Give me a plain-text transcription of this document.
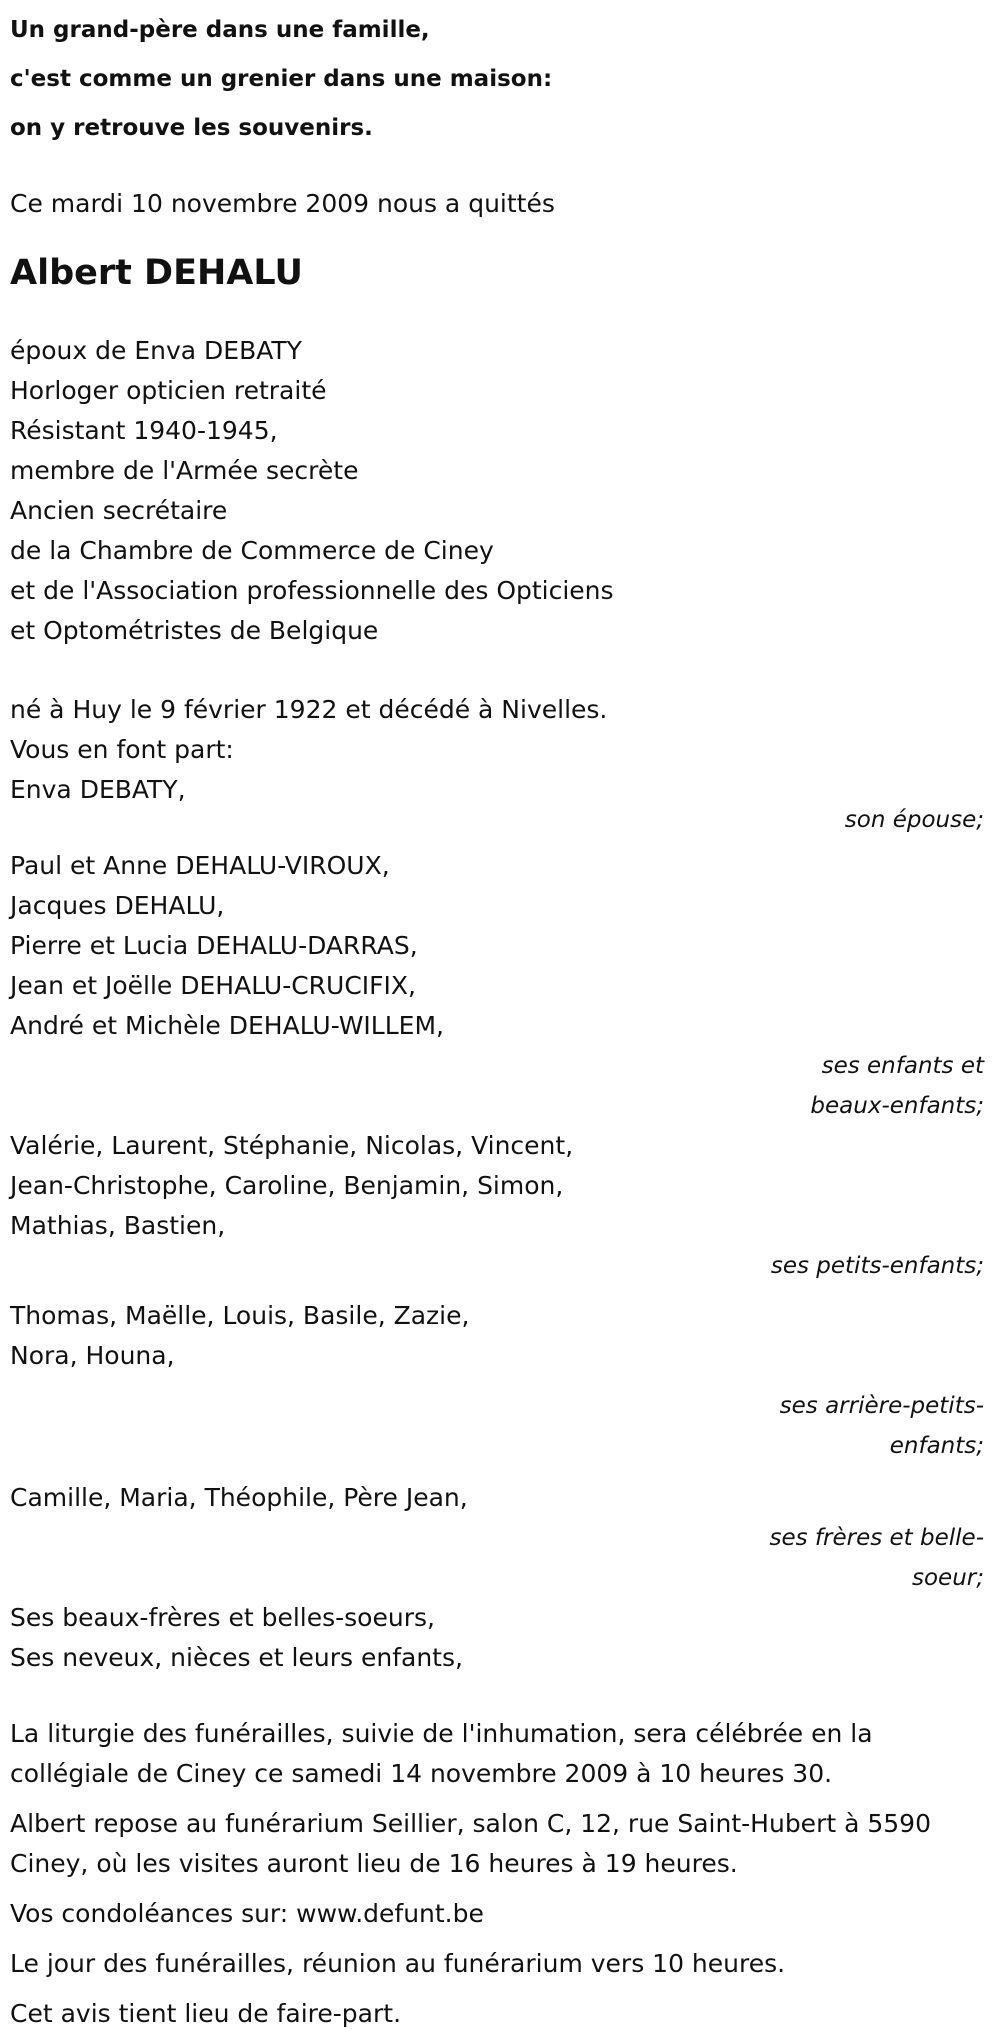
Un grand-père dans une famille,
c'est comme un grenier dans une maison:
on y retrouve les souvenirs.
Ce mardi 10 novembre 2009 nous a quittés
Albert DEHALU
époux de Enva DEBATY
Horloger opticien retraité
Résistant 1940-1945,
membre de l'Armée secrète
Ancien secrétaire
de la Chambre de Commerce de Ciney
et de l'Association professionnelle des Opticiens
et Optométristes de Belgique
né à Huy le 9 février 1922 et décédé à Nivelles.
Vous en font part:
Enva DEBATY,
son épouse;
Paul et Anne DEHALU-VIROUX,
Jacques DEHALU,
Pierre et Lucia DEHALU-DARRAS,
Jean et Joëlle DEHALU-CRUCIFIX,
André et Michèle DEHALU-WILLEM,
ses enfants et
beaux-enfants;
Valérie, Laurent, Stéphanie, Nicolas, Vincent,
Jean-Christophe, Caroline, Benjamin, Simon,
Mathias, Bastien,
ses petits-enfants;
Thomas, Maëlle, Louis, Basile, Zazie,
Nora, Houna,
ses arrière-petits-
enfants;
Camille, Maria, Théophile, Père Jean,
ses frères et belle-
soeur;
Ses beaux-frères et belles-soeurs,
Ses neveux, nièces et leurs enfants,
La liturgie des funérailles, suivie de l'inhumation, sera célébrée en la collégiale de Ciney ce samedi 14 novembre 2009 à 10 heures 30.
Albert repose au funérarium Seillier, salon C, 12, rue Saint-Hubert à 5590 Ciney, où les visites auront lieu de 16 heures à 19 heures.
Vos condoléances sur: www.defunt.be
Le jour des funérailles, réunion au funérarium vers 10 heures.
Cet avis tient lieu de faire-part.
